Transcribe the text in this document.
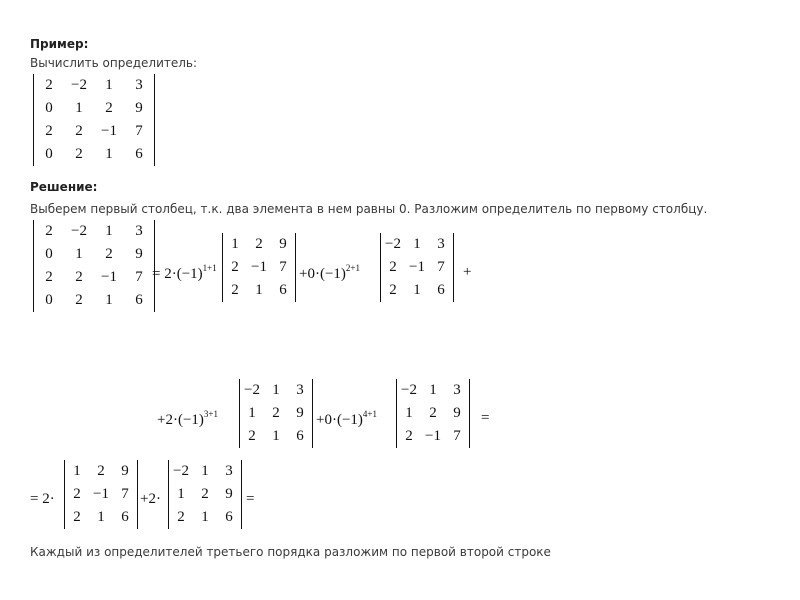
Пример:
Вычислить определитель:
2	−2	1	3
0	1	2	9
2	2	−1	7
0	2	1	6
Решение:
Выберем первый столбец, т.к. два элемента в нем равны 0. Разложим определитель по первому столбцу.
2	−2	1	3
0	1	2	9
2	2	−1	7
0	2	1	6
= $2\cdot(-1)^{1+1}$
1	2	9
2	−1	7
2	1	6
$+0\cdot(-1)^{2+1}$
−2	1	3
2	−1	7
2	1	6
+
$+2\cdot(-1)^{3+1}$
−2	1	3
1	2	9
2	1	6
$+0\cdot(-1)^{4+1}$
−2	1	3
1	2	9
2	−1	7
=
= 2·
1	2	9
2	−1	7
2	1	6
+2·
−2	1	3
1	2	9
2	1	6
=
Каждый из определителей третьего порядка разложим по первой второй строке
